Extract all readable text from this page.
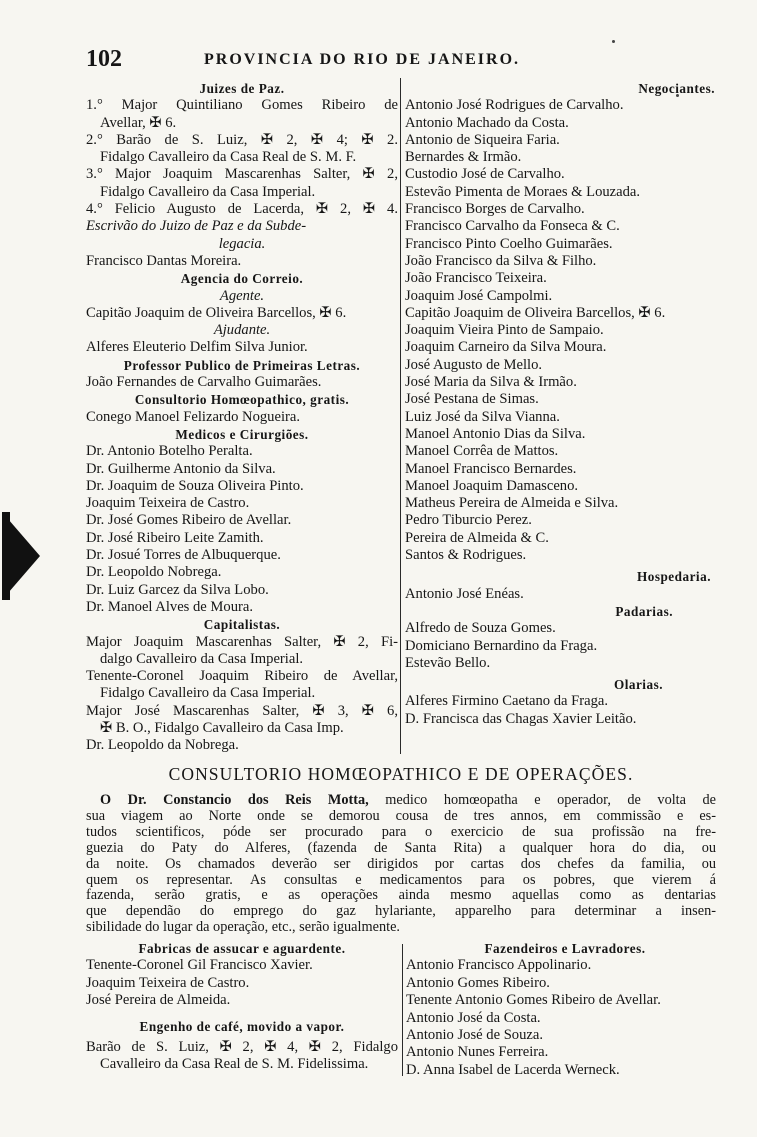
102	PROVINCIA DO RIO DE JANEIRO.
Juizes de Paz.
1.° Major Quintiliano Gomes Ribeiro de
Avellar, ✠ 6.
2.° Barão de S. Luiz, ✠ 2, ✠ 4; ✠ 2.
Fidalgo Cavalleiro da Casa Real de S. M. F.
3.° Major Joaquim Mascarenhas Salter, ✠ 2,
Fidalgo Cavalleiro da Casa Imperial.
4.° Felicio Augusto de Lacerda, ✠ 2, ✠ 4.
Escrivão do Juizo de Paz e da Subde-
legacia.
Francisco Dantas Moreira.
Agencia do Correio.
Agente.
Capitão Joaquim de Oliveira Barcellos, ✠ 6.
Ajudante.
Alferes Eleuterio Delfim Silva Junior.
Professor Publico de Primeiras Letras.
João Fernandes de Carvalho Guimarães.
Consultorio Homœopathico, gratis.
Conego Manoel Felizardo Nogueira.
Medicos e Cirurgiões.
Dr. Antonio Botelho Peralta.
Dr. Guilherme Antonio da Silva.
Dr. Joaquim de Souza Oliveira Pinto.
Joaquim Teixeira de Castro.
Dr. José Gomes Ribeiro de Avellar.
Dr. José Ribeiro Leite Zamith.
Dr. Josué Torres de Albuquerque.
Dr. Leopoldo Nobrega.
Dr. Luiz Garcez da Silva Lobo.
Dr. Manoel Alves de Moura.
Capitalistas.
Major Joaquim Mascarenhas Salter, ✠ 2, Fi-
dalgo Cavalleiro da Casa Imperial.
Tenente-Coronel Joaquim Ribeiro de Avellar,
Fidalgo Cavalleiro da Casa Imperial.
Major José Mascarenhas Salter, ✠ 3, ✠ 6,
✠ B. O., Fidalgo Cavalleiro da Casa Imp.
Dr. Leopoldo da Nobrega.
Negociantes.
Antonio José Rodrigues de Carvalho.
Antonio Machado da Costa.
Antonio de Siqueira Faria.
Bernardes & Irmão.
Custodio José de Carvalho.
Estevão Pimenta de Moraes & Louzada.
Francisco Borges de Carvalho.
Francisco Carvalho da Fonseca & C.
Francisco Pinto Coelho Guimarães.
João Francisco da Silva & Filho.
João Francisco Teixeira.
Joaquim José Campolmi.
Capitão Joaquim de Oliveira Barcellos, ✠ 6.
Joaquim Vieira Pinto de Sampaio.
Joaquim Carneiro da Silva Moura.
José Augusto de Mello.
José Maria da Silva & Irmão.
José Pestana de Simas.
Luiz José da Silva Vianna.
Manoel Antonio Dias da Silva.
Manoel Corrêa de Mattos.
Manoel Francisco Bernardes.
Manoel Joaquim Damasceno.
Matheus Pereira de Almeida e Silva.
Pedro Tiburcio Perez.
Pereira de Almeida & C.
Santos & Rodrigues.
Hospedaria.
Antonio José Enéas.
Padarias.
Alfredo de Souza Gomes.
Domiciano Bernardino da Fraga.
Estevão Bello.
Olarias.
Alferes Firmino Caetano da Fraga.
D. Francisca das Chagas Xavier Leitão.
CONSULTORIO HOMŒOPATHICO E DE OPERAÇÕES.
O Dr. Constancio dos Reis Motta, medico homœopatha e operador, de volta de
sua viagem ao Norte onde se demorou cousa de tres annos, em commissão e es-
tudos scientificos, póde ser procurado para o exercicio de sua profissão na fre-
guezia do Paty do Alferes, (fazenda de Santa Rita) a qualquer hora do dia, ou
da noite. Os chamados deverão ser dirigidos por cartas dos chefes da familia, ou
quem os representar. As consultas e medicamentos para os pobres, que vierem á
fazenda, serão gratis, e as operações ainda mesmo aquellas como as dentarias
que dependão do emprego do gaz hylariante, apparelho para determinar a insen-
sibilidade do lugar da operação, etc., serão igualmente.
Fabricas de assucar e aguardente.
Tenente-Coronel Gil Francisco Xavier.
Joaquim Teixeira de Castro.
José Pereira de Almeida.
Engenho de café, movido a vapor.
Barão de S. Luiz, ✠ 2, ✠ 4, ✠ 2, Fidalgo
Cavalleiro da Casa Real de S. M. Fidelissima.
Fazendeiros e Lavradores.
Antonio Francisco Appolinario.
Antonio Gomes Ribeiro.
Tenente Antonio Gomes Ribeiro de Avellar.
Antonio José da Costa.
Antonio José de Souza.
Antonio Nunes Ferreira.
D. Anna Isabel de Lacerda Werneck.
